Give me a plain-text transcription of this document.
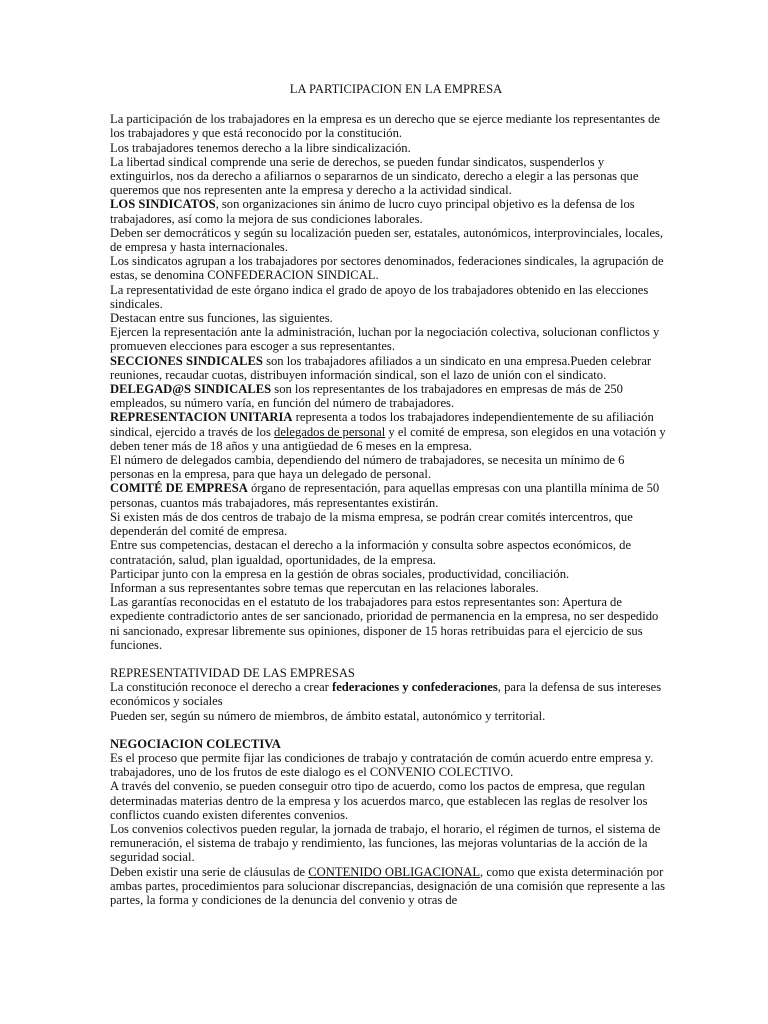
LA PARTICIPACION EN LA EMPRESA

La participación de los trabajadores en la empresa es un derecho que se ejerce mediante los representantes de los trabajadores y que está reconocido por la constitución.

Los trabajadores tenemos derecho a la libre sindicalización.

La libertad sindical comprende una serie de derechos, se pueden fundar sindicatos, suspenderlos y extinguirlos, nos da derecho a afiliarnos o separarnos de un sindicato, derecho a elegir a las personas que queremos que nos representen ante la empresa y derecho a la actividad sindical.

LOS SINDICATOS, son organizaciones sin ánimo de lucro cuyo principal objetivo es la defensa de los trabajadores, así como la mejora de sus condiciones laborales.

Deben ser democráticos y según su localización pueden ser, estatales, autonómicos, interprovinciales, locales, de empresa y hasta internacionales.

Los sindicatos agrupan a los trabajadores por sectores denominados, federaciones sindicales, la agrupación de estas, se denomina CONFEDERACION SINDICAL.

La representatividad de este órgano indica el grado de apoyo de los trabajadores obtenido en las elecciones sindicales.

Destacan entre sus funciones, las siguientes.

Ejercen la representación ante la administración, luchan por la negociación colectiva, solucionan conflictos y promueven elecciones para escoger a sus representantes.

SECCIONES SINDICALES son los trabajadores afiliados a un sindicato en una empresa.Pueden celebrar reuniones, recaudar cuotas, distribuyen información sindical, son el lazo de unión con el sindicato.

DELEGAD@S SINDICALES son los representantes de los trabajadores en empresas de más de 250 empleados, su número varía, en función del número de trabajadores.

REPRESENTACION UNITARIA representa a todos los trabajadores independientemente de su afiliación sindical, ejercido a través de los delegados de personal y el comité de empresa, son elegidos en una votación y deben tener más de 18 años y una antigüedad de 6 meses en la empresa.

El número de delegados cambia, dependiendo del número de trabajadores, se necesita un mínimo de 6 personas en la empresa, para que haya un delegado de personal.

COMITÉ DE EMPRESA órgano de representación, para aquellas empresas con una plantilla mínima de 50 personas, cuantos más trabajadores, más representantes existirán.

Si existen más de dos centros de trabajo de la misma empresa, se podrán crear comités intercentros, que dependerán del comité de empresa.

Entre sus competencias, destacan el derecho a la información y consulta sobre aspectos económicos, de contratación, salud, plan igualdad, oportunidades, de la empresa.

Participar junto con la empresa en la gestión de obras sociales, productividad, conciliación.

Informan a sus representantes sobre temas que repercutan en las relaciones laborales.

Las garantías reconocidas en el estatuto de los trabajadores para estos representantes son: Apertura de expediente contradictorio antes de ser sancionado, prioridad de permanencia en la empresa, no ser despedido ni sancionado, expresar libremente sus opiniones, disponer de 15 horas retribuidas para el ejercicio de sus funciones.

REPRESENTATIVIDAD DE LAS EMPRESAS

La constitución reconoce el derecho a crear federaciones y confederaciones, para la defensa de sus intereses económicos y sociales

Pueden ser, según su número de miembros, de ámbito estatal, autonómico y territorial.

NEGOCIACION COLECTIVA

Es el proceso que permite fijar las condiciones de trabajo y contratación de común acuerdo entre empresa y. trabajadores, uno de los frutos de este dialogo es el CONVENIO COLECTIVO.

A través del convenio, se pueden conseguir otro tipo de acuerdo, como los pactos de empresa, que regulan determinadas materias dentro de la empresa y los acuerdos marco, que establecen las reglas de resolver los conflictos cuando existen diferentes convenios.

Los convenios colectivos pueden regular, la jornada de trabajo, el horario, el régimen de turnos, el sistema de remuneración, el sistema de trabajo y rendimiento, las funciones, las mejoras voluntarias de la acción de la seguridad social.

Deben existir una serie de cláusulas de CONTENIDO OBLIGACIONAL, como que exista determinación por ambas partes, procedimientos para solucionar discrepancias, designación de una comisión que represente a las partes, la forma y condiciones de la denuncia del convenio y otras de
